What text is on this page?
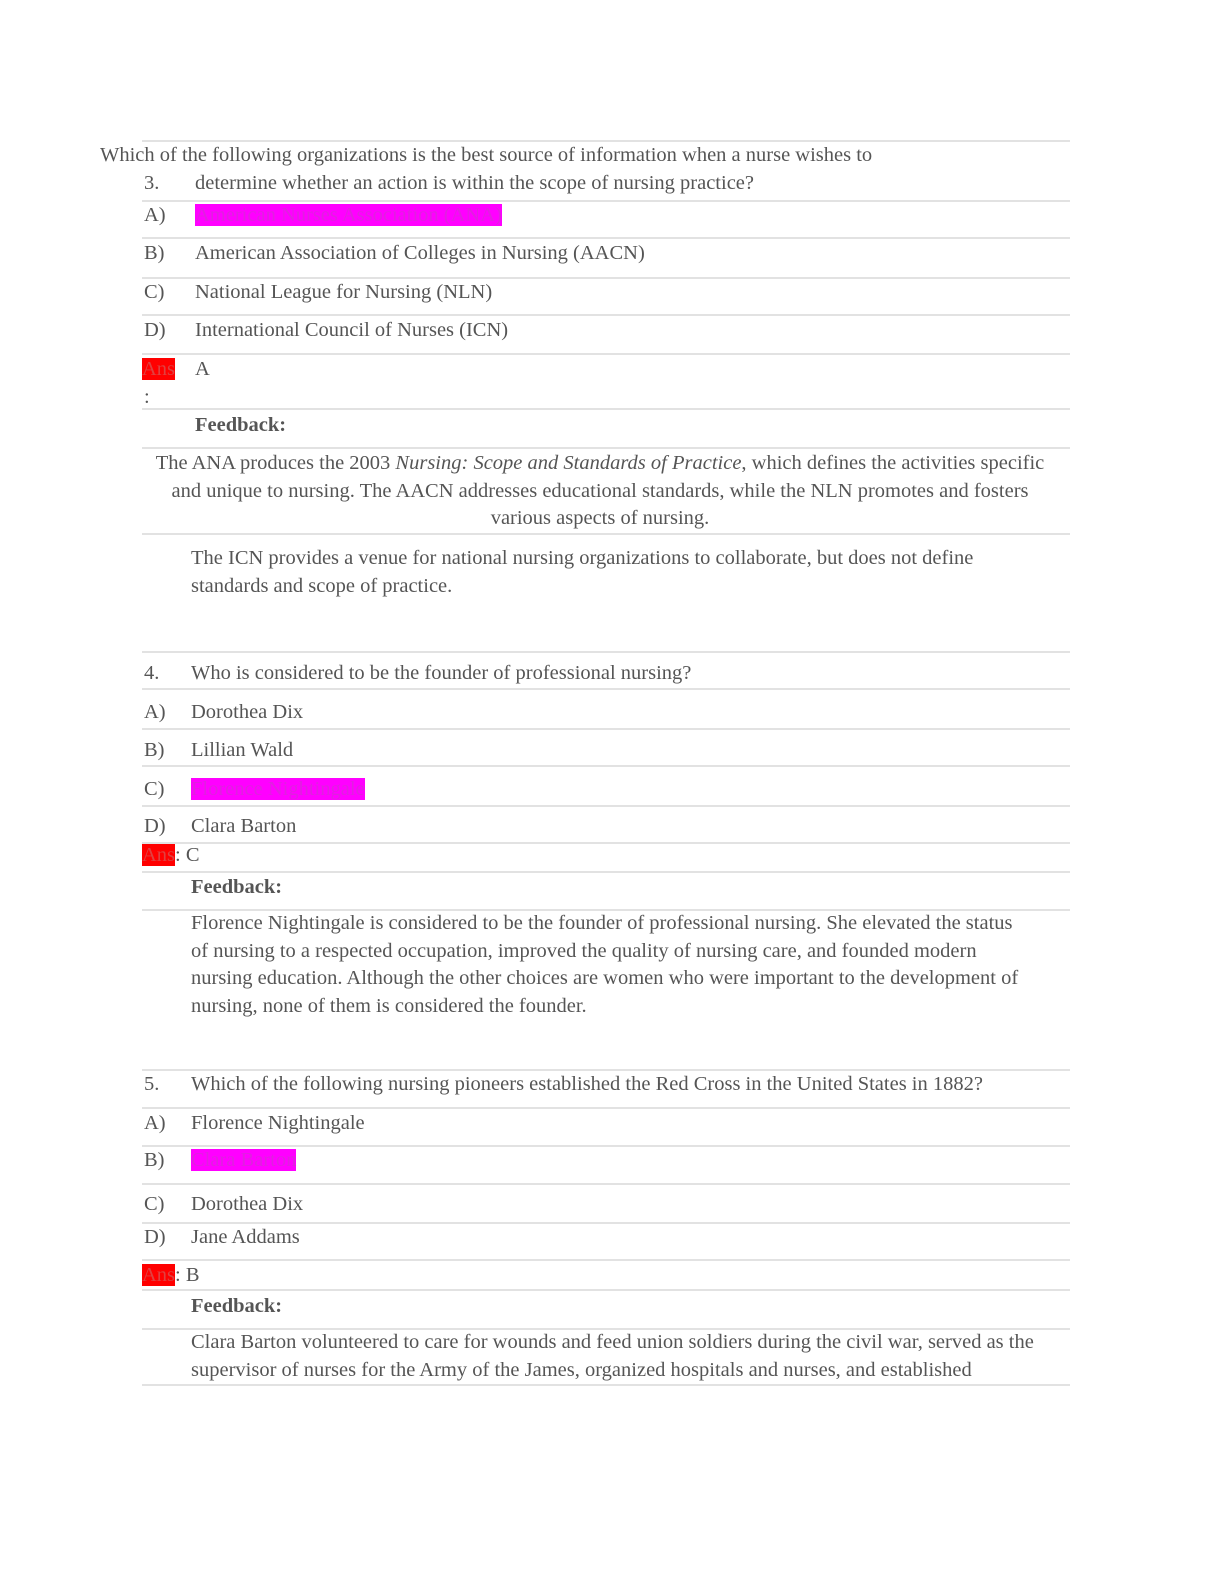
Which of the following organizations is the best source of information when a nurse wishes to
3. determine whether an action is within the scope of nursing practice?
A) American Nurses Association (ANA)
B) American Association of Colleges in Nursing (AACN)
C) National League for Nursing (NLN)
D) International Council of Nurses (ICN)
Ans
:
A
Feedback:
The ANA produces the 2003 Nursing: Scope and Standards of Practice, which defines the activities specific and unique to nursing. The AACN addresses educational standards, while the NLN promotes and fosters various aspects of nursing.
The ICN provides a venue for national nursing organizations to collaborate, but does not define standards and scope of practice.
4. Who is considered to be the founder of professional nursing?
A) Dorothea Dix
B) Lillian Wald
C) Florence Nightingale
D) Clara Barton
Ans: C
Feedback:
Florence Nightingale is considered to be the founder of professional nursing. She elevated the status of nursing to a respected occupation, improved the quality of nursing care, and founded modern nursing education. Although the other choices are women who were important to the development of nursing, none of them is considered the founder.
5. Which of the following nursing pioneers established the Red Cross in the United States in 1882?
A) Florence Nightingale
B) Clara Barton
C) Dorothea Dix
D) Jane Addams
Ans: B
Feedback:
Clara Barton volunteered to care for wounds and feed union soldiers during the civil war, served as the supervisor of nurses for the Army of the James, organized hospitals and nurses, and established
